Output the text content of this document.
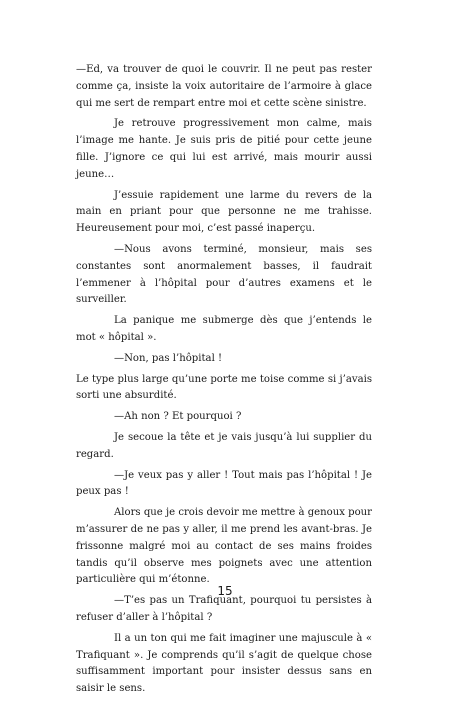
—Ed, va trouver de quoi le couvrir. Il ne peut pas rester comme ça, insiste la voix autoritaire de l’armoire à glace qui me sert de rempart entre moi et cette scène sinistre.

Je retrouve progressivement mon calme, mais l’image me hante. Je suis pris de pitié pour cette jeune fille. J’ignore ce qui lui est arrivé, mais mourir aussi jeune…

J’essuie rapidement une larme du revers de la main en priant pour que personne ne me trahisse. Heureusement pour moi, c’est passé inaperçu.

—Nous avons terminé, monsieur, mais ses constantes sont anormalement basses, il faudrait l’emmener à l’hôpital pour d’autres examens et le surveiller.

La panique me submerge dès que j’entends le mot « hôpital ».

—Non, pas l’hôpital !

Le type plus large qu’une porte me toise comme si j’avais sorti une absurdité.

—Ah non ? Et pourquoi ?

Je secoue la tête et je vais jusqu’à lui supplier du regard.

—Je veux pas y aller ! Tout mais pas l’hôpital ! Je peux pas !

Alors que je crois devoir me mettre à genoux pour m’assurer de ne pas y aller, il me prend les avant-bras. Je frissonne malgré moi au contact de ses mains froides tandis qu’il observe mes poignets avec une attention particulière qui m’étonne.

—T’es pas un Trafiquant, pourquoi tu persistes à refuser d’aller à l’hôpital ?

Il a un ton qui me fait imaginer une majuscule à « Trafiquant ». Je comprends qu’il s’agit de quelque chose suffisamment important pour insister dessus sans en saisir le sens.

15
